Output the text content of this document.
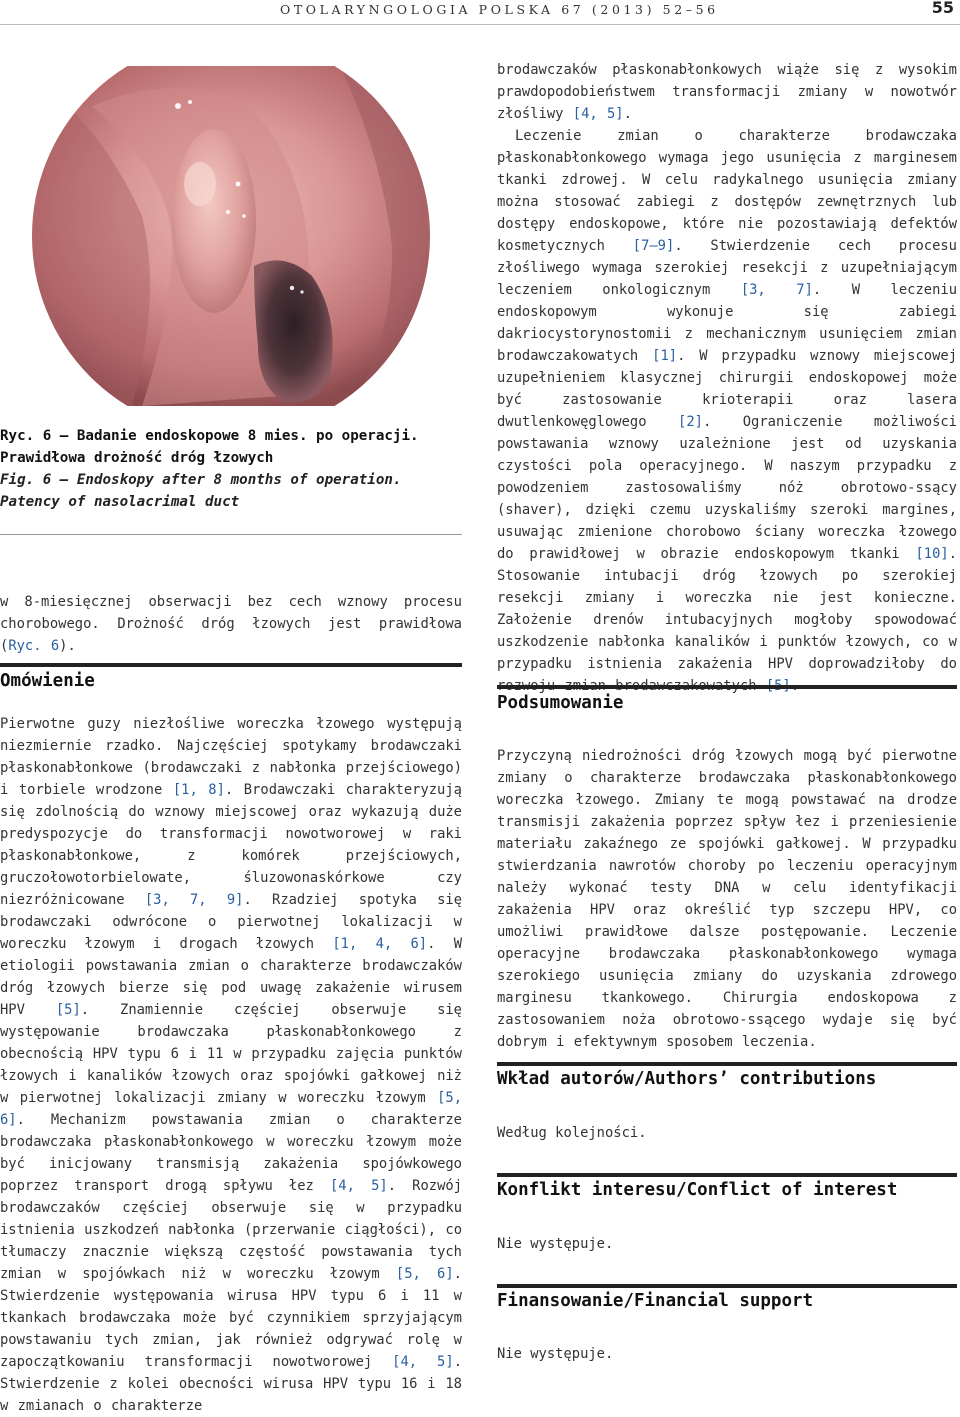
OTOLARYNGOLOGIA POLSKA 67 (2013) 52–56	55

Ryc. 6 – Badanie endoskopowe 8 mies. po operacji. Prawidłowa drożność dróg łzowych

Fig. 6 – Endoskopy after 8 months of operation. Patency of nasolacrimal duct

w 8-miesięcznej obserwacji bez cech wznowy procesu chorobowego. Drożność dróg łzowych jest prawidłowa (Ryc. 6).

Omówienie

Pierwotne guzy niezłośliwe woreczka łzowego występują niezmiernie rzadko. Najczęściej spotykamy brodawczaki płaskonabłonkowe (brodawczaki z nabłonka przejściowego) i torbiele wrodzone [1, 8]. Brodawczaki charakteryzują się zdolnością do wznowy miejscowej oraz wykazują duże predyspozycje do transformacji nowotworowej w raki płaskonabłonkowe, z komórek przejściowych, gruczołowotorbielowate, śluzowonaskórkowe czy niezróżnicowane [3, 7, 9]. Rzadziej spotyka się brodawczaki odwrócone o pierwotnej lokalizacji w woreczku łzowym i drogach łzowych [1, 4, 6]. W etiologii powstawania zmian o charakterze brodawczaków dróg łzowych bierze się pod uwagę zakażenie wirusem HPV [5]. Znamiennie częściej obserwuje się występowanie brodawczaka płaskonabłonkowego z obecnością HPV typu 6 i 11 w przypadku zajęcia punktów łzowych i kanalików łzowych oraz spojówki gałkowej niż w pierwotnej lokalizacji zmiany w woreczku łzowym [5, 6]. Mechanizm powstawania zmian o charakterze brodawczaka płaskonabłonkowego w woreczku łzowym może być inicjowany transmisją zakażenia spojówkowego poprzez transport drogą spływu łez [4, 5]. Rozwój brodawczaków częściej obserwuje się w przypadku istnienia uszkodzeń nabłonka (przerwanie ciągłości), co tłumaczy znacznie większą częstość powstawania tych zmian w spojówkach niż w woreczku łzowym [5, 6]. Stwierdzenie występowania wirusa HPV typu 6 i 11 w tkankach brodawczaka może być czynnikiem sprzyjającym powstawaniu tych zmian, jak również odgrywać rolę w zapoczątkowaniu transformacji nowotworowej [4, 5]. Stwierdzenie z kolei obecności wirusa HPV typu 16 i 18 w zmianach o charakterze

brodawczaków płaskonabłonkowych wiąże się z wysokim prawdopodobieństwem transformacji zmiany w nowotwór złośliwy [4, 5].

Leczenie zmian o charakterze brodawczaka płaskonabłonkowego wymaga jego usunięcia z marginesem tkanki zdrowej. W celu radykalnego usunięcia zmiany można stosować zabiegi z dostępów zewnętrznych lub dostępy endoskopowe, które nie pozostawiają defektów kosmetycznych [7–9]. Stwierdzenie cech procesu złośliwego wymaga szerokiej resekcji z uzupełniającym leczeniem onkologicznym [3, 7]. W leczeniu endoskopowym wykonuje się zabiegi dakriocystorynostomii z mechanicznym usunięciem zmian brodawczakowatych [1]. W przypadku wznowy miejscowej uzupełnieniem klasycznej chirurgii endoskopowej może być zastosowanie krioterapii oraz lasera dwutlenkowęglowego [2]. Ograniczenie możliwości powstawania wznowy uzależnione jest od uzyskania czystości pola operacyjnego. W naszym przypadku z powodzeniem zastosowaliśmy nóż obrotowo-ssący (shaver), dzięki czemu uzyskaliśmy szeroki margines, usuwając zmienione chorobowo ściany woreczka łzowego do prawidłowej w obrazie endoskopowym tkanki [10]. Stosowanie intubacji dróg łzowych po szerokiej resekcji zmiany i woreczka nie jest konieczne. Założenie drenów intubacyjnych mogłoby spowodować uszkodzenie nabłonka kanalików i punktów łzowych, co w przypadku istnienia zakażenia HPV doprowadziłoby do

Podsumowanie
Przyczyną niedrożności dróg łzowych mogą być pierwotne zmiany o charakterze brodawczaka płaskonabłonkowego woreczka łzowego. Zmiany te mogą powstawać na drodze transmisji zakażenia poprzez spływ łez i przeniesienie materiału zakaźnego ze spojówki gałkowej. W przypadku stwierdzania nawrotów choroby po leczeniu operacyjnym należy wykonać testy DNA w celu identyfikacji zakażenia HPV oraz określić typ szczepu HPV, co umożliwi prawidłowe dalsze postępowanie. Leczenie operacyjne brodawczaka płaskonabłonkowego wymaga szerokiego usunięcia zmiany do uzyskania zdrowego marginesu tkankowego. Chirurgia endoskopowa z zastosowaniem noża obrotowo-ssącego wydaje się być dobrym i efektywnym sposobem leczenia.
Wkład autorów/Authors’ contributions
Według kolejności.
Konflikt interesu/Conflict of interest
Nie występuje.
Finansowanie/Financial support
Nie występuje.
